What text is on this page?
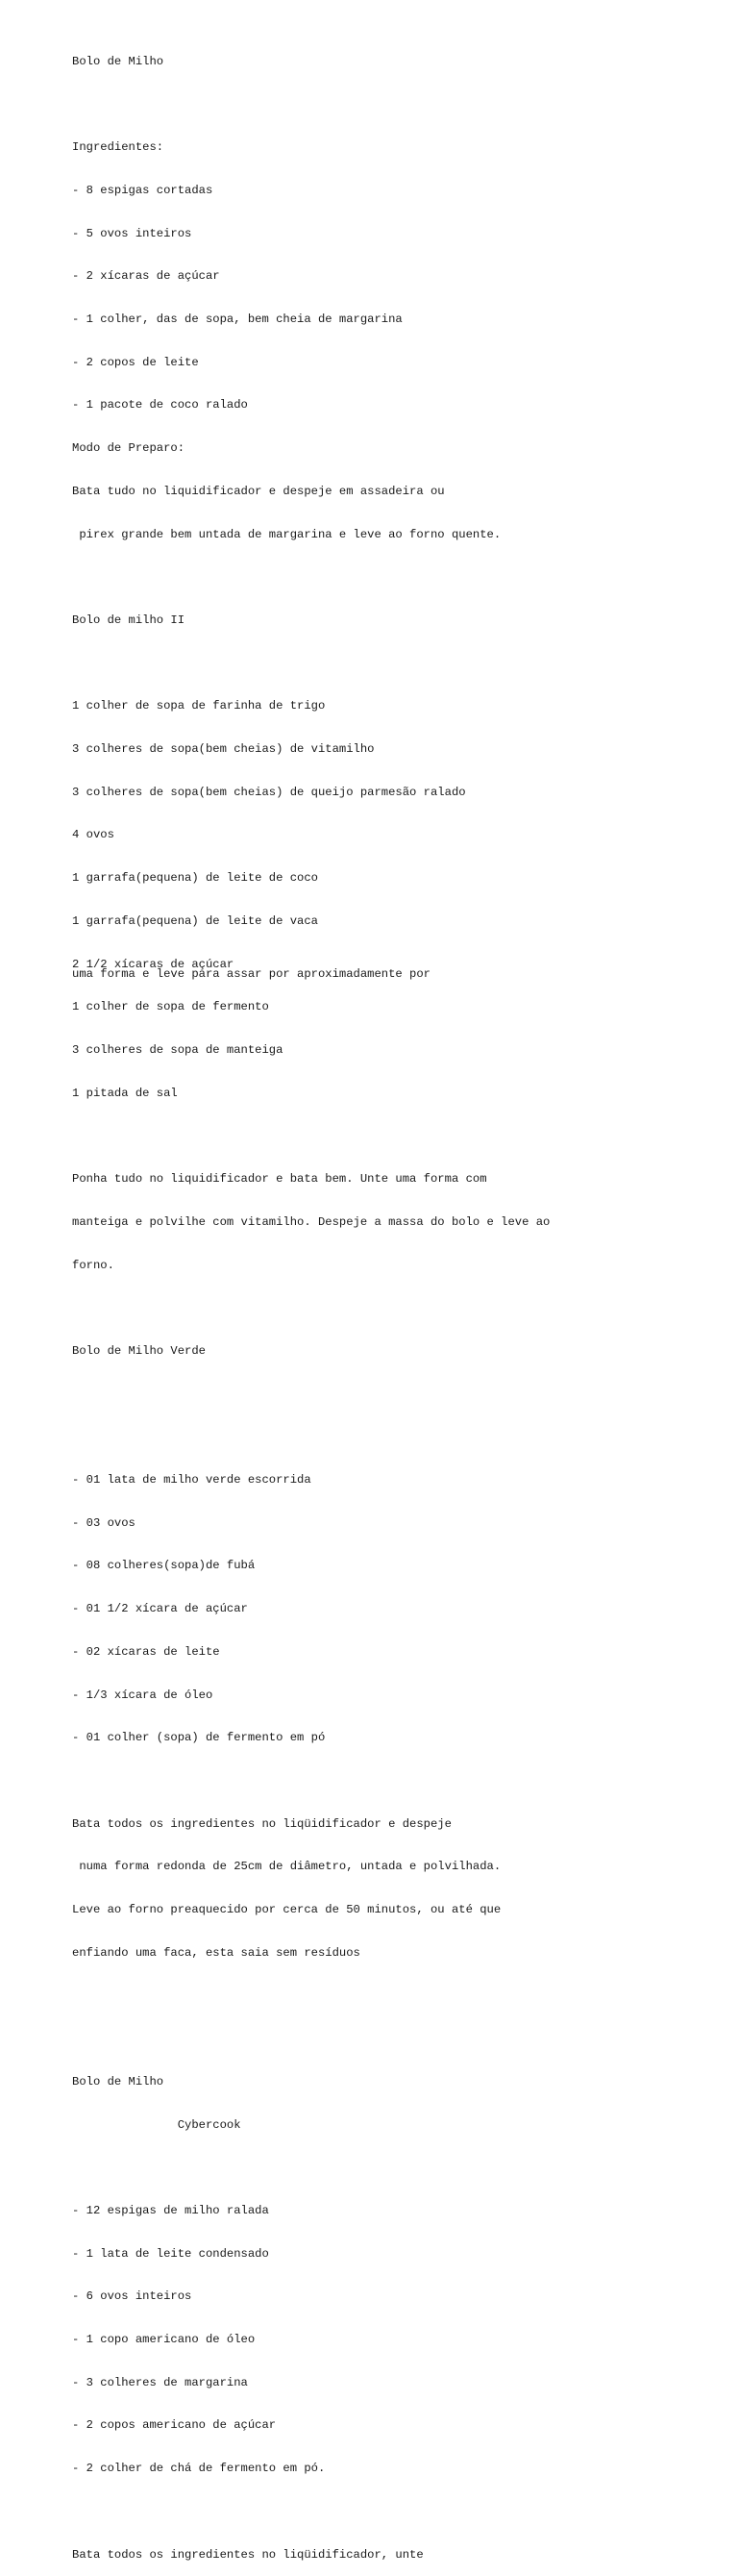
Bolo de Milho

Ingredientes:

- 8 espigas cortadas

- 5 ovos inteiros

- 2 xícaras de açúcar

- 1 colher, das de sopa, bem cheia de margarina

- 2 copos de leite

- 1 pacote de coco ralado

Modo de Preparo:

Bata tudo no liquidificador e despeje em assadeira ou

pirex grande bem untada de margarina e leve ao forno quente.

Bolo de milho II

1 colher de sopa de farinha de trigo

3 colheres de sopa(bem cheias) de vitamilho

3 colheres de sopa(bem cheias) de queijo parmesão ralado

4 ovos

1 garrafa(pequena) de leite de coco

1 garrafa(pequena) de leite de vaca

2 1/2 xícaras de açúcar

1 colher de sopa de fermento

3 colheres de sopa de manteiga

1 pitada de sal

Ponha tudo no liquidificador e bata bem. Unte uma forma com

manteiga e polvilhe com vitamilho. Despeje a massa do bolo e leve ao

forno.

Bolo de Milho Verde

- 01 lata de milho verde escorrida

- 03 ovos

- 08 colheres(sopa)de fubá

- 01 1/2 xícara de açúcar

- 02 xícaras de leite

- 1/3 xícara de óleo

- 01 colher (sopa) de fermento em pó

Bata todos os ingredientes no liqüidificador e despeje

numa forma redonda de 25cm de diâmetro, untada e polvilhada.

Leve ao forno preaquecido por cerca de 50 minutos, ou até que

enfiando uma faca, esta saia sem resíduos

Bolo de Milho

Cybercook

- 12 espigas de milho ralada

- 1 lata de leite condensado

- 6 ovos inteiros

- 1 copo americano de óleo

- 3 colheres de margarina

- 2 copos americano de açúcar

- 2 colher de chá de fermento em pó.

Bata todos os ingredientes no liqüidificador, unte

uma forma e leve para assar por aproximadamente por
